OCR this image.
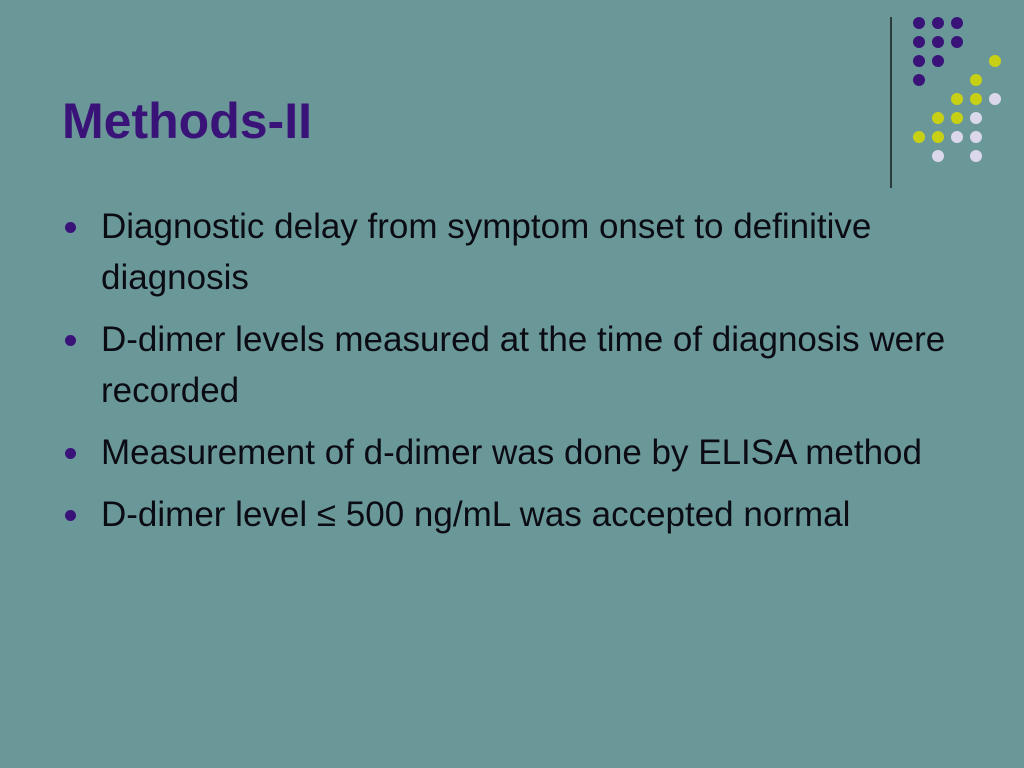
Methods-II
Diagnostic delay from symptom onset to definitive diagnosis
D-dimer levels measured at the time of diagnosis were recorded
Measurement of d-dimer was done by ELISA method
D-dimer level ≤ 500 ng/mL was accepted normal
